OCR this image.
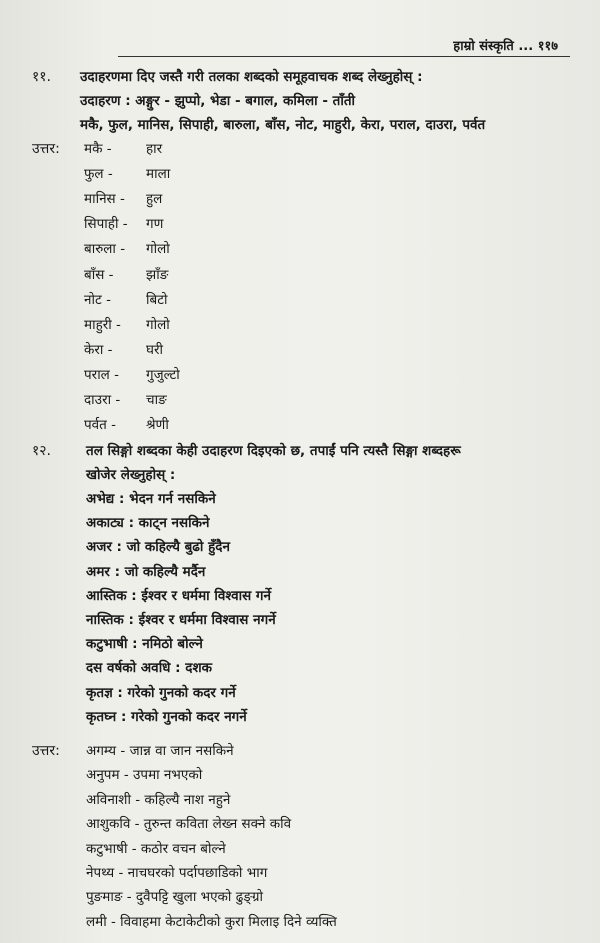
हाम्रो संस्कृति ... ११७
११. उदाहरणमा दिए जस्तै गरी तलका शब्दको समूहवाचक शब्द लेख्नुहोस् :
उदाहरण : अङ्गुर - झुप्पो, भेडा - बगाल, कमिला - ताँती
मकै, फुल, मानिस, सिपाही, बारुला, बाँस, नोट, माहुरी, केरा, पराल, दाउरा, पर्वत
उत्तर: मकै -	हार
फुल - माला
मानिस - हुल
सिपाही - गण
बारुला - गोलो
बाँस - झाँङ
नोट -	बिटो
माहुरी - गोलो
केरा - घरी
पराल - गुजुल्टो
दाउरा - चाङ
पर्वत - श्रेणी
१२.	तल सिङ्गो शब्दका केही उदाहरण दिइएको छ, तपाईं पनि त्यस्तै सिङ्गा शब्दहरू
खोजेर लेख्नुहोस् :
अभेद्य : भेदन गर्न नसकिने
अकाट्य : काट्न नसकिने
अजर : जो कहिल्यै बुढो हुँदैन
अमर : जो कहिल्यै मर्दैन
आस्तिक : ईश्वर र धर्ममा विश्वास गर्ने
नास्तिक : ईश्वर र धर्ममा विश्वास नगर्ने
कटुभाषी : नमिठो बोल्ने
दस वर्षको अवधि : दशक
कृतज्ञ : गरेको गुनको कदर गर्ने
कृतघ्न : गरेको गुनको कदर नगर्ने
उत्तर: अगम्य - जान्न वा जान नसकिने
अनुपम - उपमा नभएको
अविनाशी - कहिल्यै नाश नहुने
आशुकवि - तुरुन्त कविता लेख्न सक्ने कवि
कटुभाषी - कठोर वचन बोल्ने
नेपथ्य - नाचघरको पर्दापछाडिको भाग
पुङमाङ - दुवैपट्टि खुला भएको ढुङ्ग्रो
लमी - विवाहमा केटाकेटीको कुरा मिलाइ दिने व्यक्ति
